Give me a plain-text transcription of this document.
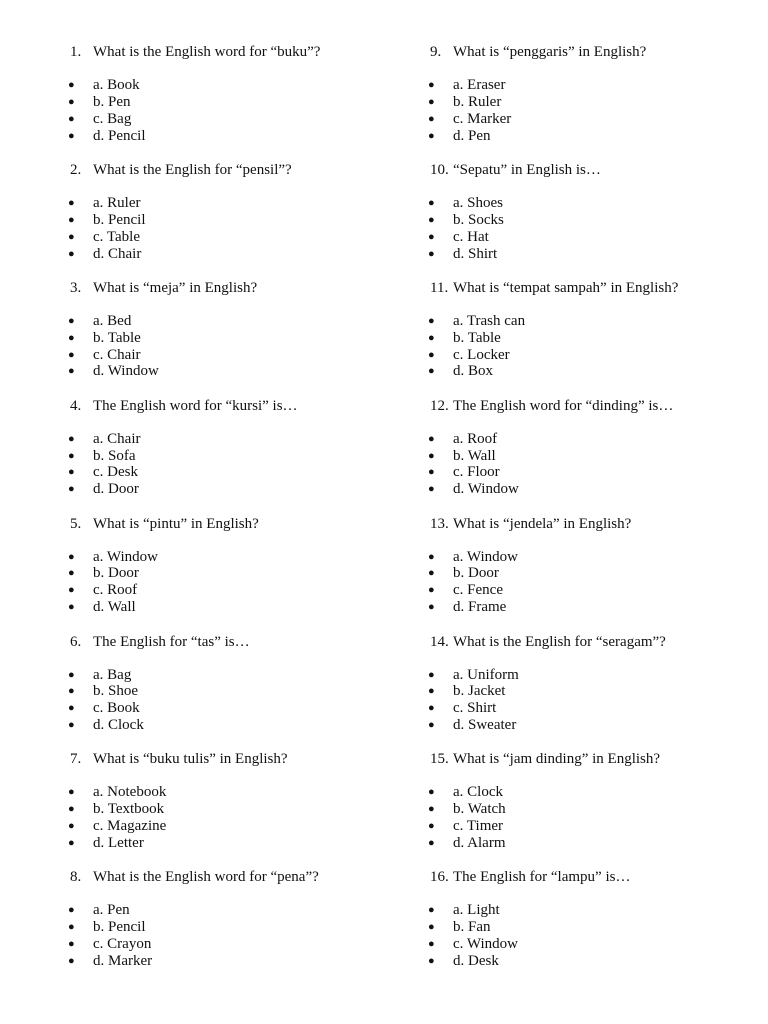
1. What is the English word for “buku”?
● a. Book
● b. Pen
● c. Bag
● d. Pencil
2. What is the English for “pensil”?
● a. Ruler
● b. Pencil
● c. Table
● d. Chair
3. What is “meja” in English?
● a. Bed
● b. Table
● c. Chair
● d. Window
4. The English word for “kursi” is…
● a. Chair
● b. Sofa
● c. Desk
● d. Door
5. What is “pintu” in English?
● a. Window
● b. Door
● c. Roof
● d. Wall
6. The English for “tas” is…
● a. Bag
● b. Shoe
● c. Book
● d. Clock
7. What is “buku tulis” in English?
● a. Notebook
● b. Textbook
● c. Magazine
● d. Letter
8. What is the English word for “pena”?
● a. Pen
● b. Pencil
● c. Crayon
● d. Marker
9. What is “penggaris” in English?
● a. Eraser
● b. Ruler
● c. Marker
● d. Pen
10. “Sepatu” in English is…
● a. Shoes
● b. Socks
● c. Hat
● d. Shirt
11. What is “tempat sampah” in English?
● a. Trash can
● b. Table
● c. Locker
● d. Box
12. The English word for “dinding” is…
● a. Roof
● b. Wall
● c. Floor
● d. Window
13. What is “jendela” in English?
● a. Window
● b. Door
● c. Fence
● d. Frame
14. What is the English for “seragam”?
● a. Uniform
● b. Jacket
● c. Shirt
● d. Sweater
15. What is “jam dinding” in English?
● a. Clock
● b. Watch
● c. Timer
● d. Alarm
16. The English for “lampu” is…
● a. Light
● b. Fan
● c. Window
● d. Desk
